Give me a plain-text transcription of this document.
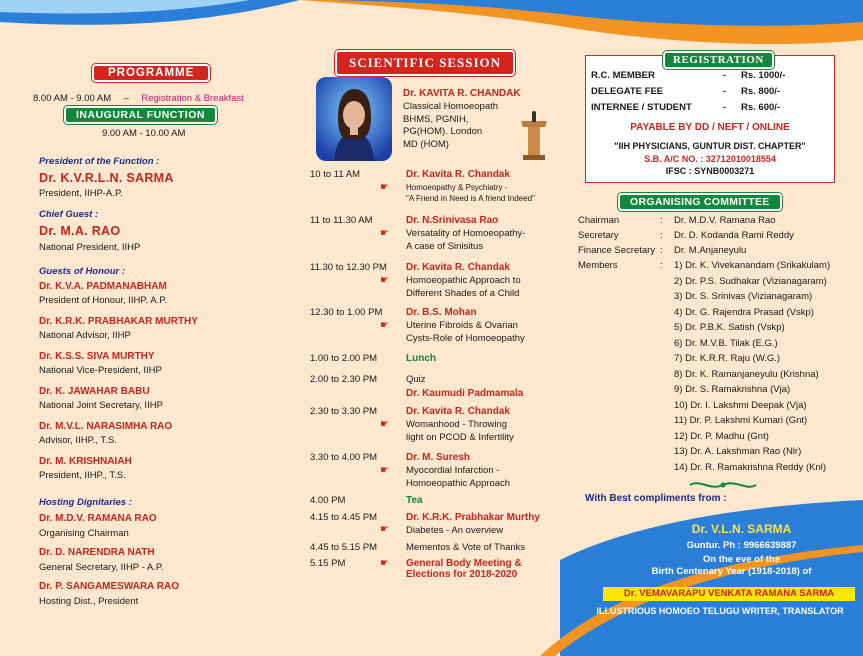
PROGRAMME
8.00 AM - 9.00 AM – Registration & Breakfast
INAUGURAL FUNCTION
9.00 AM - 10.00 AM
President of the Function :
Dr. K.V.R.L.N. SARMA
President, IIHP-A.P.
Chief Guest :
Dr. M.A. RAO
National President, IIHP
Guests of Honour :
Dr. K.V.A. PADMANABHAM
President of Honour, IIHP. A.P.
Dr. K.R.K. PRABHAKAR MURTHY
National Advisor, IIHP
Dr. K.S.S. SIVA MURTHY
National Vice-President, IIHP
Dr. K. JAWAHAR BABU
National Joint Secretary, IIHP
Dr. M.V.L. NARASIMHA RAO
Advisor, IIHP., T.S.
Dr. M. KRISHNAIAH
President, IIHP., T.S.
Hosting Dignitaries :
Dr. M.D.V. RAMANA RAO
Organising Chairman
Dr. D. NARENDRA NATH
General Secretary, IIHP - A.P.
Dr. P. SANGAMESWARA RAO
Hosting Dist., President
SCIENTIFIC SESSION
Dr. KAVITA R. CHANDAK
Classical Homoeopath
BHMS, PGNIH,
PG(HOM). London
MD (HOM)
10 to 11 AM
☛
Dr. Kavita R. Chandak
Homoeopathy & Psychiatry -
"A Friend in Need is A friend Indeed"
11 to 11.30 AM
☛
Dr. N.Srinivasa Rao
Versatality of Homoeopathy-
A case of Sinisitus
11.30 to 12.30 PM
☛
Dr. Kavita R. Chandak
Homoeopathic Approach to
Different Shades of a Child
12.30 to 1.00 PM
☛
Dr. B.S. Mohan
Uterine Fibroids & Ovarian
Cysts-Role of Homoeopathy
1.00 to 2.00 PM	Lunch
2.00 to 2.30 PM	Quiz
Dr. Kaumudi Padmamala
2.30 to 3.30 PM
☛
Dr. Kavita R. Chandak
Womanhood - Throwing
light on PCOD & Infertility
3.30 to 4.00 PM
☛
Dr. M. Suresh
Myocordial Infarction -
Homoeopathic Approach
4.00 PM	Tea
4.15 to 4.45 PM
☛
Dr. K.R.K. Prabhakar Murthy
Diabetes - An overview
4.45 to 5.15 PM	Mementos & Vote of Thanks
5.15 PM	☛ General Body Meeting &
Elections for 2018-2020
REGISTRATION
R.C. MEMBER	- Rs. 1000/-
DELEGATE FEE	- Rs. 800/-
INTERNEE / STUDENT	- Rs. 600/-
PAYABLE BY DD / NEFT / ONLINE
"IIH PHYSICIANS, GUNTUR DIST. CHAPTER"
S.B. A/C NO. : 32712010018554
IFSC : SYNB0003271
ORGANISING COMMITTEE
Chairman	: Dr. M.D.V. Ramana Rao
Secretary	: Dr. D. Kodanda Rami Reddy
Finance Secretary : Dr. M.Anjaneyulu
Members	: 1) Dr. K. Vivekanandam (Srikakulam)
2) Dr. P.S. Sudhakar (Vizianagaram)
3) Dr. S. Srinivas (Vizianagaram)
4) Dr. G. Rajendra Prasad (Vskp)
5) Dr. P.B.K. Satish (Vskp)
6) Dr. M.V.B. Tilak (E.G.)
7) Dr. K.R.R. Raju (W.G.)
8) Dr. K. Ramanjaneyulu (Krishna)
9) Dr. S. Ramakrishna (Vja)
10) Dr. I. Lakshmi Deepak (Vja)
11) Dr. P. Lakshmi Kumari (Gnt)
12) Dr. P. Madhu (Gnt)
13) Dr. A. Lakshman Rao (Nlr)
14) Dr. R. Ramakrishna Reddy (Knl)
With Best compliments from :
Dr. V.L.N. SARMA
Guntur. Ph : 9966639887
On the eve of the
Birth Centenary Year (1918-2018) of
Dr. VEMAVARAPU VENKATA RAMANA SARMA
ILLUSTRIOUS HOMOEO TELUGU WRITER, TRANSLATOR
